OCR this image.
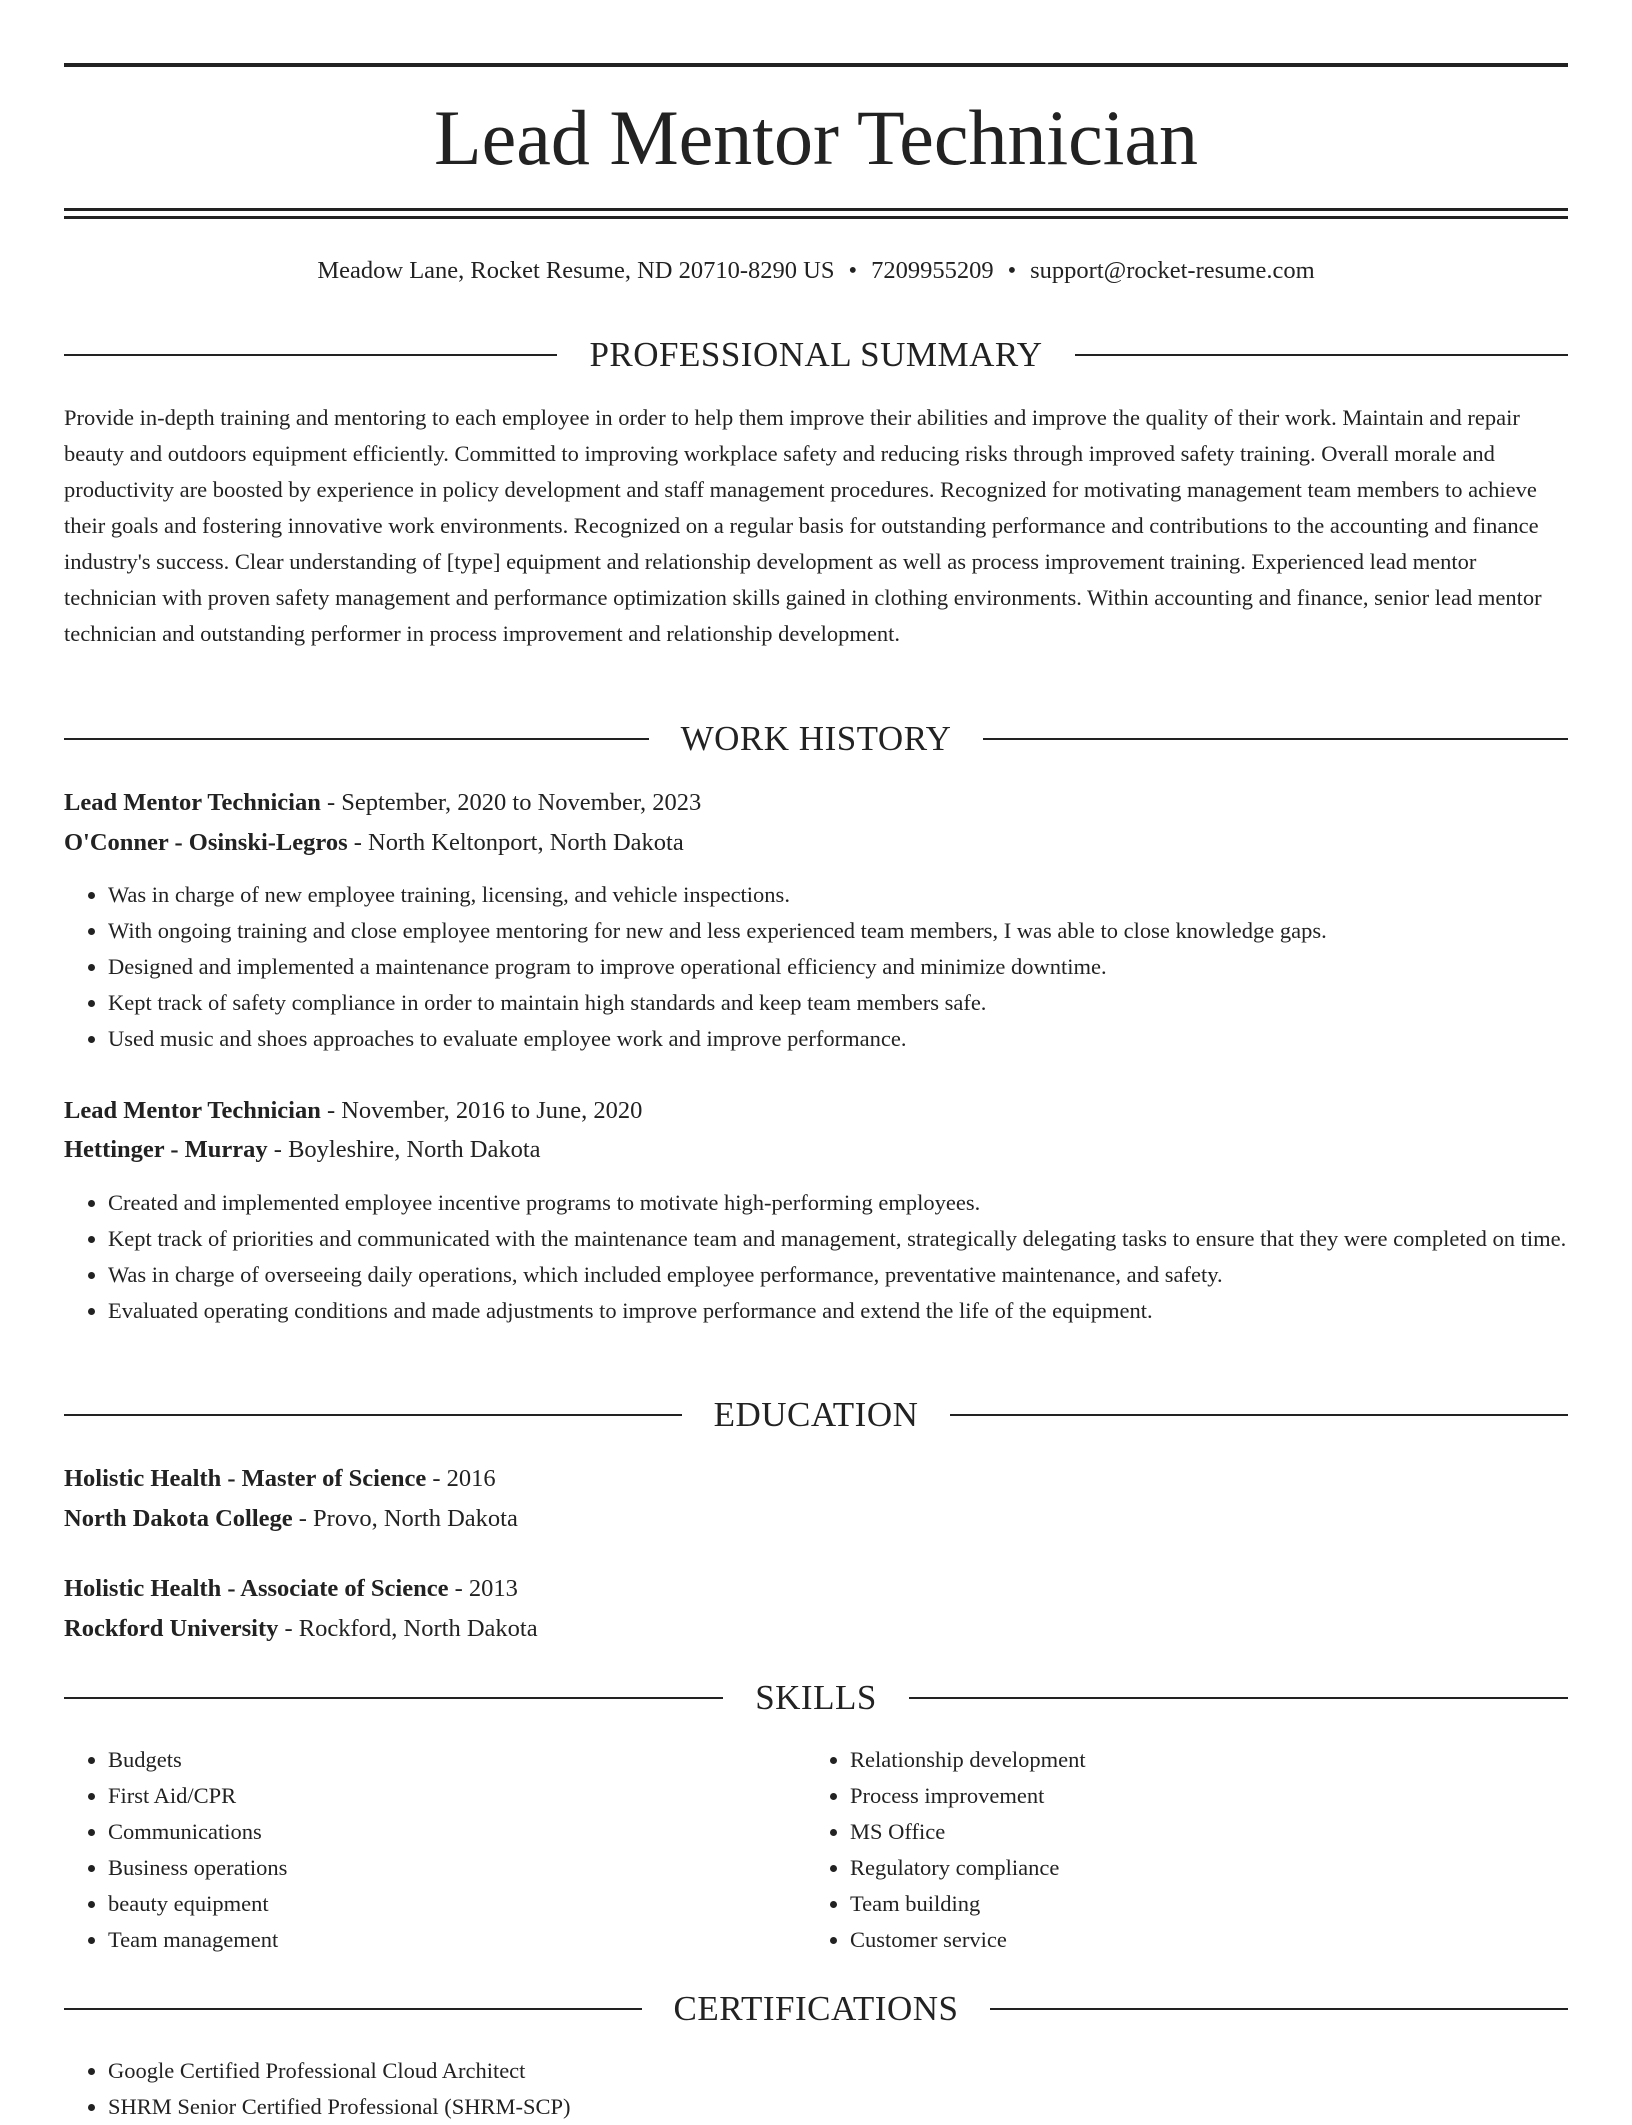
Lead Mentor Technician
Meadow Lane, Rocket Resume, ND 20710-8290 US • 7209955209 • support@rocket-resume.com
PROFESSIONAL SUMMARY

Provide in-depth training and mentoring to each employee in order to help them improve their abilities and improve the quality of their work. Maintain and repair beauty and outdoors equipment efficiently. Committed to improving workplace safety and reducing risks through improved safety training. Overall morale and productivity are boosted by experience in policy development and staff management procedures. Recognized for motivating management team members to achieve their goals and fostering innovative work environments. Recognized on a regular basis for outstanding performance and contributions to the accounting and finance industry's success. Clear understanding of [type] equipment and relationship development as well as process improvement training. Experienced lead mentor technician with proven safety management and performance optimization skills gained in clothing environments. Within accounting and finance, senior lead mentor technician and outstanding performer in process improvement and relationship development.

WORK HISTORY
Lead Mentor Technician - September, 2020 to November, 2023
O'Conner - Osinski-Legros - North Keltonport, North Dakota
• Was in charge of new employee training, licensing, and vehicle inspections.
• With ongoing training and close employee mentoring for new and less experienced team members, I was able to close knowledge gaps.
• Designed and implemented a maintenance program to improve operational efficiency and minimize downtime.
• Kept track of safety compliance in order to maintain high standards and keep team members safe.
• Used music and shoes approaches to evaluate employee work and improve performance.
Lead Mentor Technician - November, 2016 to June, 2020
Hettinger - Murray - Boyleshire, North Dakota
• Created and implemented employee incentive programs to motivate high-performing employees.
• Kept track of priorities and communicated with the maintenance team and management, strategically delegating tasks to ensure that they were completed on time.
• Was in charge of overseeing daily operations, which included employee performance, preventative maintenance, and safety.
• Evaluated operating conditions and made adjustments to improve performance and extend the life of the equipment.
EDUCATION
Holistic Health - Master of Science - 2016
North Dakota College - Provo, North Dakota
Holistic Health - Associate of Science - 2013
Rockford University - Rockford, North Dakota
SKILLS
• Budgets
• First Aid/CPR
• Communications
• Business operations
• beauty equipment
• Team management
• Relationship development
• Process improvement
• MS Office
• Regulatory compliance
• Team building
• Customer service
CERTIFICATIONS
• Google Certified Professional Cloud Architect
• SHRM Senior Certified Professional (SHRM-SCP)
